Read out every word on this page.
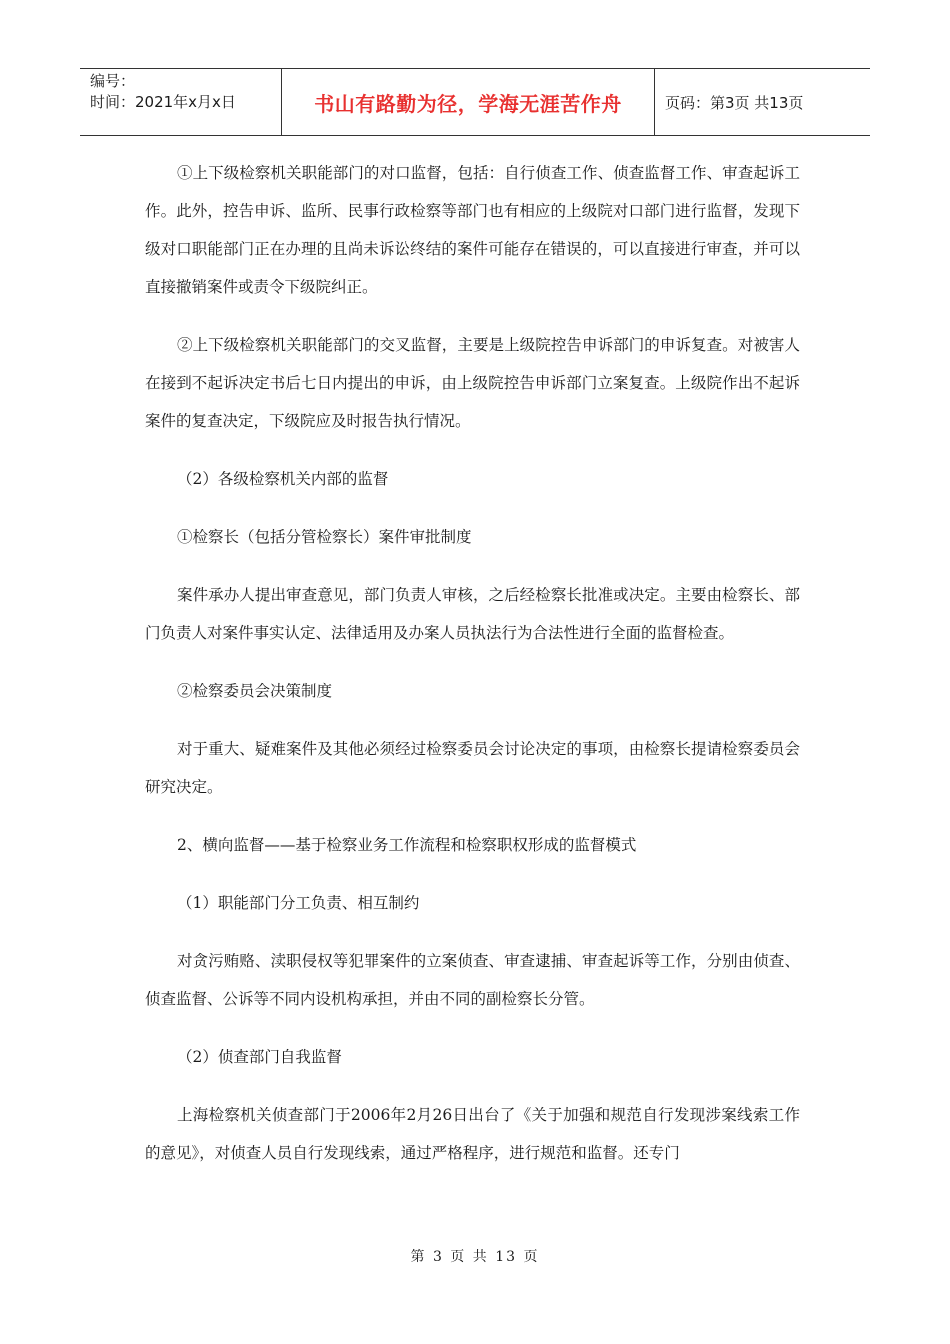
编号：
时间：2021年x月x日	书山有路勤为径，学海无涯苦作舟	页码：第3页 共13页

①上下级检察机关职能部门的对口监督，包括：自行侦查工作、侦查监督工作、审查起诉工作。此外，控告申诉、监所、民事行政检察等部门也有相应的上级院对口部门进行监督，发现下级对口职能部门正在办理的且尚未诉讼终结的案件可能存在错误的，可以直接进行审查，并可以直接撤销案件或责令下级院纠正。

②上下级检察机关职能部门的交叉监督，主要是上级院控告申诉部门的申诉复查。对被害人在接到不起诉决定书后七日内提出的申诉，由上级院控告申诉部门立案复查。上级院作出不起诉案件的复查决定，下级院应及时报告执行情况。

（2）各级检察机关内部的监督

①检察长（包括分管检察长）案件审批制度

案件承办人提出审查意见，部门负责人审核，之后经检察长批准或决定。主要由检察长、部门负责人对案件事实认定、法律适用及办案人员执法行为合法性进行全面的监督检查。

②检察委员会决策制度

对于重大、疑难案件及其他必须经过检察委员会讨论决定的事项，由检察长提请检察委员会研究决定。

2、横向监督——基于检察业务工作流程和检察职权形成的监督模式

（1）职能部门分工负责、相互制约

对贪污贿赂、渎职侵权等犯罪案件的立案侦查、审查逮捕、审查起诉等工作，分别由侦查、侦查监督、公诉等不同内设机构承担，并由不同的副检察长分管。

（2）侦查部门自我监督

上海检察机关侦查部门于2006年2月26日出台了《关于加强和规范自行发现涉案线索工作的意见》，对侦查人员自行发现线索，通过严格程序，进行规范和监督。还专门

第 3 页 共 13 页
